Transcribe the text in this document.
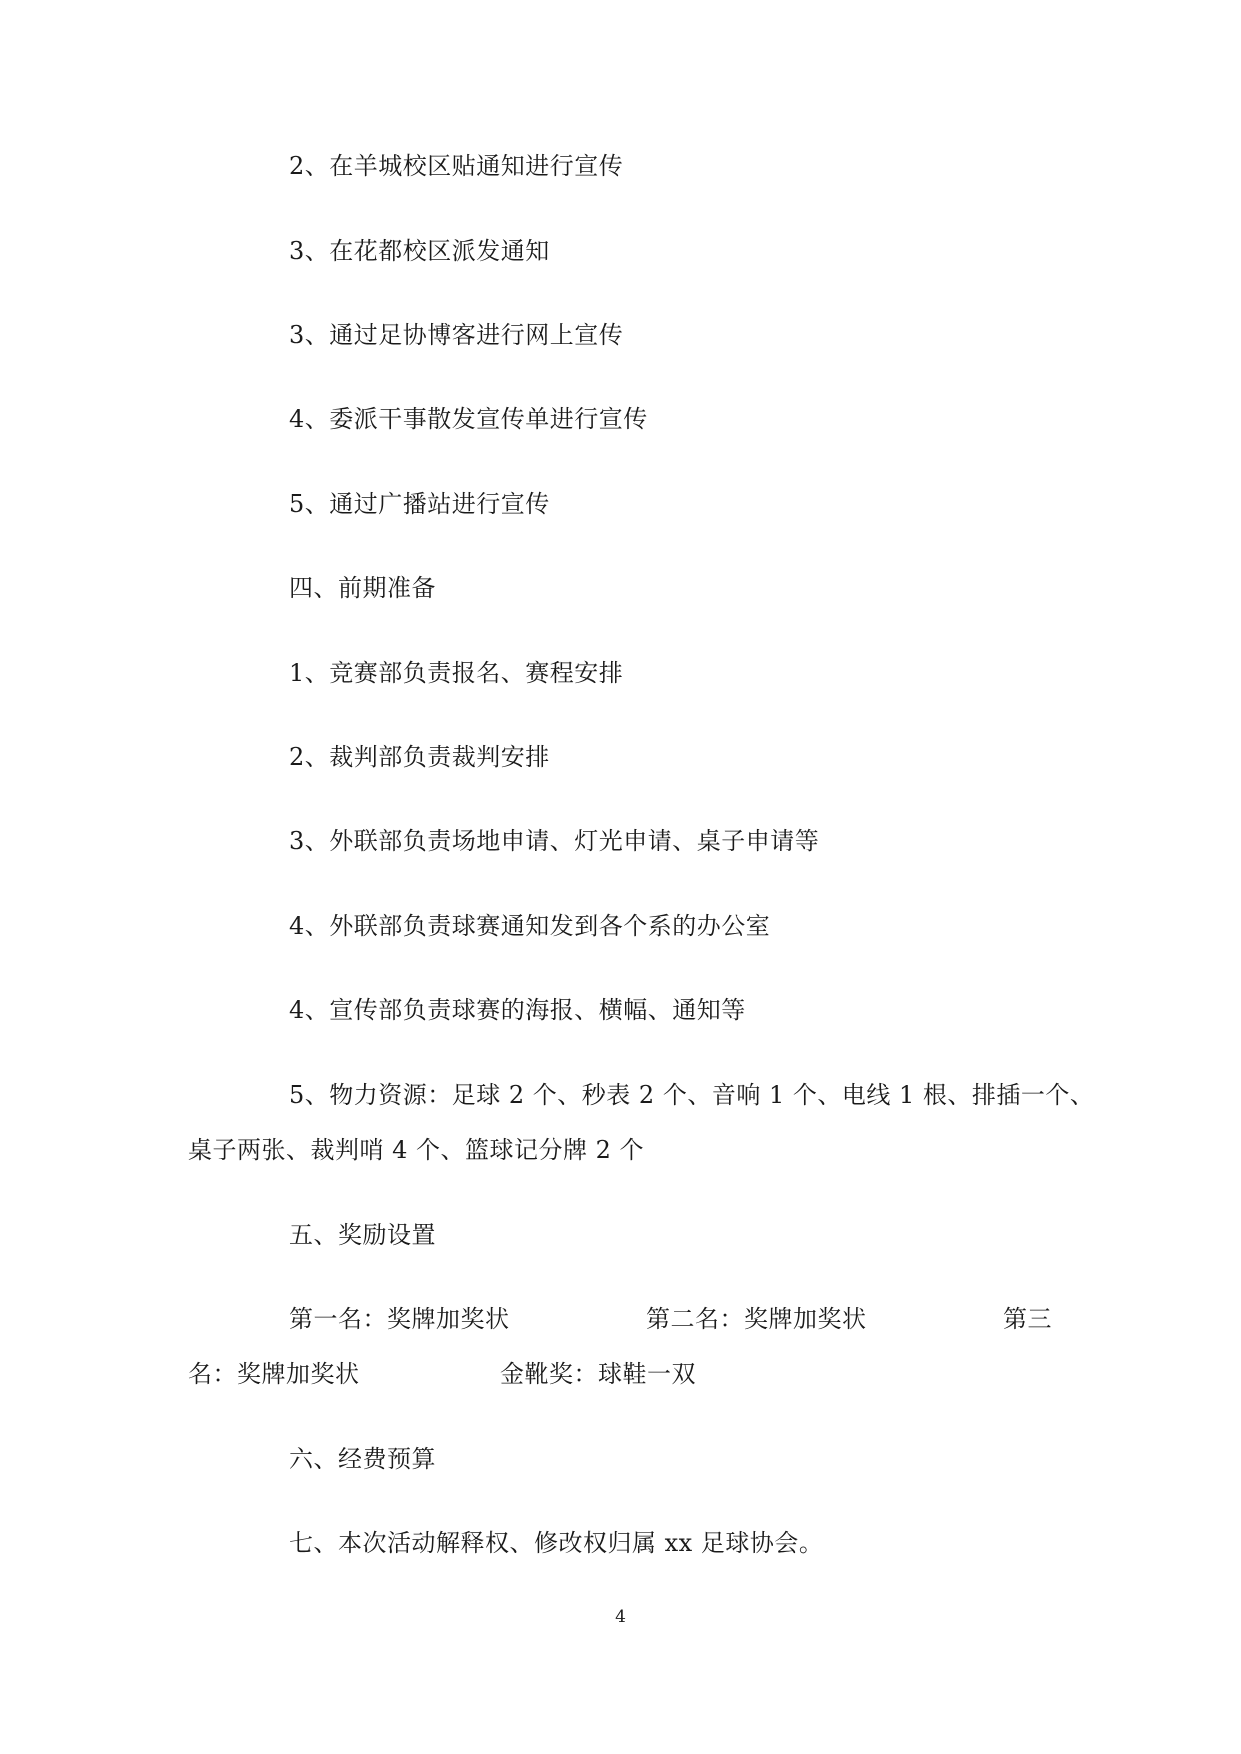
2、在羊城校区贴通知进行宣传
3、在花都校区派发通知
3、通过足协博客进行网上宣传
4、委派干事散发宣传单进行宣传
5、通过广播站进行宣传
四、前期准备
1、竞赛部负责报名、赛程安排
2、裁判部负责裁判安排
3、外联部负责场地申请、灯光申请、桌子申请等
4、外联部负责球赛通知发到各个系的办公室
4、宣传部负责球赛的海报、横幅、通知等
5、物力资源：足球 2 个、秒表 2 个、音响 1 个、电线 1 根、排插一个、
桌子两张、裁判哨 4 个、篮球记分牌 2 个
五、奖励设置
第一名：奖牌加奖状	第二名：奖牌加奖状	第三
名：奖牌加奖状	金靴奖：球鞋一双
六、经费预算
七、本次活动解释权、修改权归属 xx 足球协会。
4
